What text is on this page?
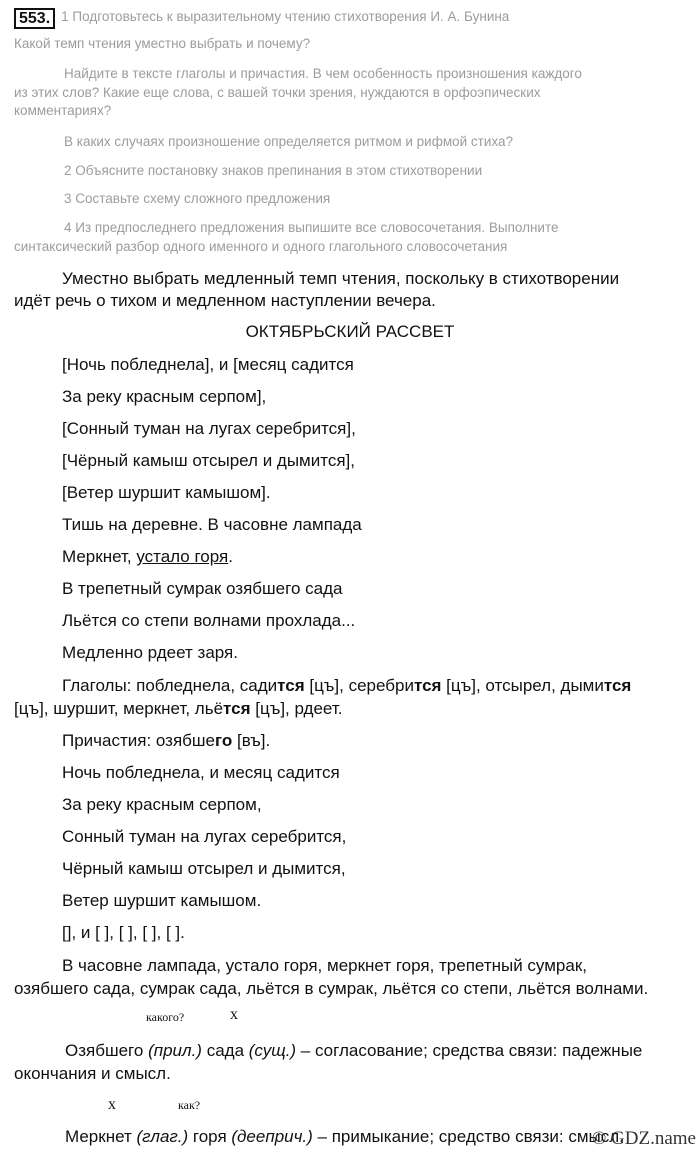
553. 1 Подготовьтесь к выразительному чтению стихотворения И. А. Бунина
Какой темп чтения уместно выбрать и почему?
Найдите в тексте глаголы и причастия. В чем особенность произношения каждого
из этих слов? Какие еще слова, с вашей точки зрения, нуждаются в орфоэпических
комментариях?
В каких случаях произношение определяется ритмом и рифмой стиха?
2 Объясните постановку знаков препинания в этом стихотворении
3 Составьте схему сложного предложения
4 Из предпоследнего предложения выпишите все словосочетания. Выполните
синтаксический разбор одного именного и одного глагольного словосочетания
Уместно выбрать медленный темп чтения, поскольку в стихотворении
идёт речь о тихом и медленном наступлении вечера.
ОКТЯБРЬСКИЙ РАССВЕТ
[Ночь побледнела], и [месяц садится
За реку красным серпом],
[Сонный туман на лугах серебрится],
[Чёрный камыш отсырел и дымится],
[Ветер шуршит камышом].
Тишь на деревне. В часовне лампада
Меркнет, устало горя.
В трепетный сумрак озябшего сада
Льётся со степи волнами прохлада...
Медленно рдеет заря.
Глаголы: побледнела, садится [цъ], серебрится [цъ], отсырел, дымится
[цъ], шуршит, меркнет, льётся [цъ], рдеет.
Причастия: озябшего [въ].
Ночь побледнела, и месяц садится
За реку красным серпом,
Сонный туман на лугах серебрится,
Чёрный камыш отсырел и дымится,
Ветер шуршит камышом.
[], и [ ], [ ], [ ], [ ].
В часовне лампада, устало горя, меркнет горя, трепетный сумрак,
озябшего сада, сумрак сада, льётся в сумрак, льётся со степи, льётся волнами.
какого?	x
Озябшего (прил.) сада (сущ.) – согласование; средства связи: падежные
окончания и смысл.
x	как?
Меркнет (глаг.) горя (дееприч.) – примыкание; средство связи: смысл.
© GDZ.name
